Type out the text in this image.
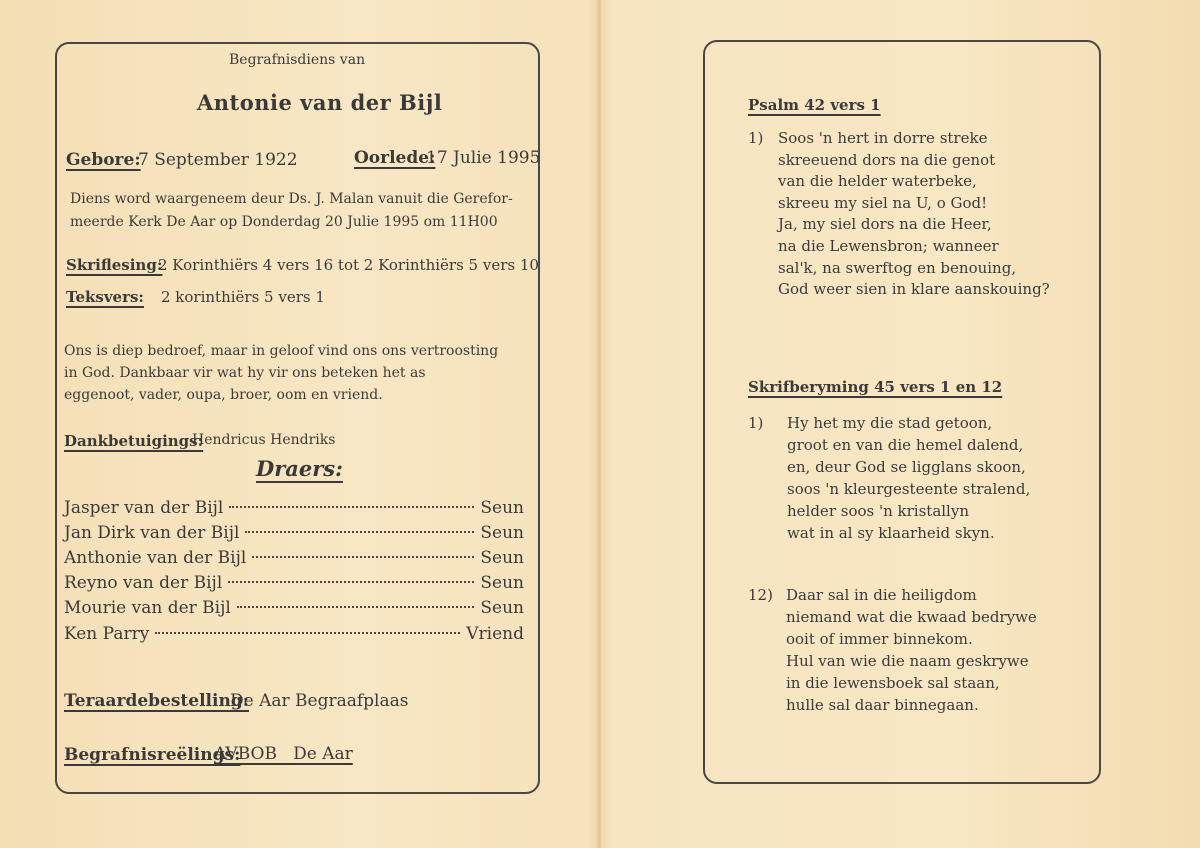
Begrafnisdiens van
Antonie van der Bijl
Gebore:
7 September 1922	Oorlede:
17 Julie 1995
Diens word waargeneem deur Ds. J. Malan vanuit die Gerefor-
meerde Kerk De Aar op Donderdag 20 Julie 1995 om 11H00
Skriflesing:
2 Korinthiërs 4 vers 16 tot 2 Korinthiërs 5 vers 10
Teksvers: 2 korinthiërs 5 vers 1
Ons is diep bedroef, maar in geloof vind ons ons vertroosting
in God. Dankbaar vir wat hy vir ons beteken het as
eggenoot, vader, oupa, broer, oom en vriend.
Dankbetuigings:
Hendricus Hendriks
Draers:
Jasper van der Bijl	Seun
Jan Dirk van der Bijl	Seun
Anthonie van der Bijl	Seun
Reyno van der Bijl	Seun
Mourie van der Bijl	Seun
Ken Parry	Vriend
Teraardebestelling:
De Aar Begraafplaas
Begrafnisreëlings:
AVBOB   De Aar
Psalm 42 vers 1
1) Soos 'n hert in dorre streke
skreeuend dors na die genot
van die helder waterbeke,
skreeu my siel na U, o God!
Ja, my siel dors na die Heer,
na die Lewensbron; wanneer
sal'k, na swerftog en benouing,
God weer sien in klare aanskouing?
Skrifberyming 45 vers 1 en 12
1) Hy het my die stad getoon,
groot en van die hemel dalend,
en, deur God se ligglans skoon,
soos 'n kleurgesteente stralend,
helder soos 'n kristallyn
wat in al sy klaarheid skyn.
12) Daar sal in die heiligdom
niemand wat die kwaad bedrywe
ooit of immer binnekom.
Hul van wie die naam geskrywe
in die lewensboek sal staan,
hulle sal daar binnegaan.
